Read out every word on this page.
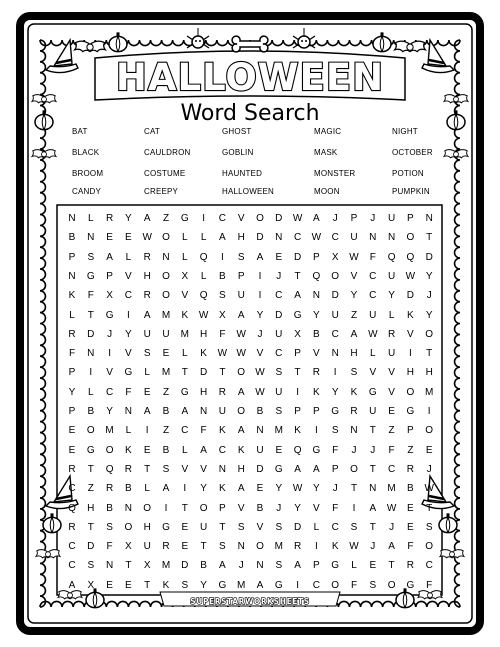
HALLOWEEN
Word Search
BAT	CAT	GHOST	MAGIC	NIGHT
BLACK	CAULDRON	GOBLIN	MASK	OCTOBER
BROOM	COSTUME	HAUNTED	MONSTER	POTION
CANDY	CREEPY	HALLOWEEN	MOON	PUMPKIN
N	L	R	Y	A	Z	G	I	C	V	O	D	W	A	J	P	J	U	P	N
B	N	E	E	W	O	L	L	A	H	D	N	C	W	C	U	N	N	O	T
P	S	A	L	R	N	L	Q	I	S	A	E	D	P	X	W	F	Q	Q	D
N	G	P	V	H	O	X	L	B	P	I	J	T	Q	O	V	C	U	W	Y
K	F	X	C	R	O	V	Q	S	U	I	C	A	N	D	Y	C	Y	D	J
L	T	G	I	A	M	K	W	X	A	Y	D	G	Y	U	Z	U	L	K	Y
R	D	J	Y	U	U	M	H	F	W	J	U	X	B	C	A	W	R	V	O
F	N	I	V	S	E	L	K	W W	V	C	P	V	N	H	L	U	I	T
P	I	V	G	L	M	T	D	T	O	W	S	T	R	I	S	V	V	H	H
Y	L	C	F	E	Z	G	H	R	A	W	U	I	K	Y	K	G	V	O	M
P	B	Y	N	A	B	A	N	U	O	B	S	P	P	G	R	U	E	G	I
E	O	M	L	I	Z	C	F	K	A	N	M	K	I	S	N	T	Z	P	O
E	G	O	K	E	B	L	A	C	K	U	E	Q	G	F	J	J	F	Z	E
R	T	Q	R	T	S	V	V	N	H	D	G	A	A	P	O	T	C	R	J
C	Z	R	B	L	A	I	Y	K	A	E	Y	W	Y	J	T	N	M	B	W
Q	H	B	N	O	I	T	O	P	V	B	J	Y	V	F	I	A	W	E	T
R	T	S	O	H	G	E	U	T	S	V	S	D	L	C	S	T	J	E	S
C	D	F	X	U	R	E	T	S	N	O	M	R	I	K	W	J	A	F	O
C	S	N	T	X	M	D	B	A	J	N	S	A	P	G	L	E	T	R	C
A	X	E	E	T	K	S	Y	G	M	A	G	I	C	O	F	S	O	G	F
SUPERSTARWORKSHEETS
